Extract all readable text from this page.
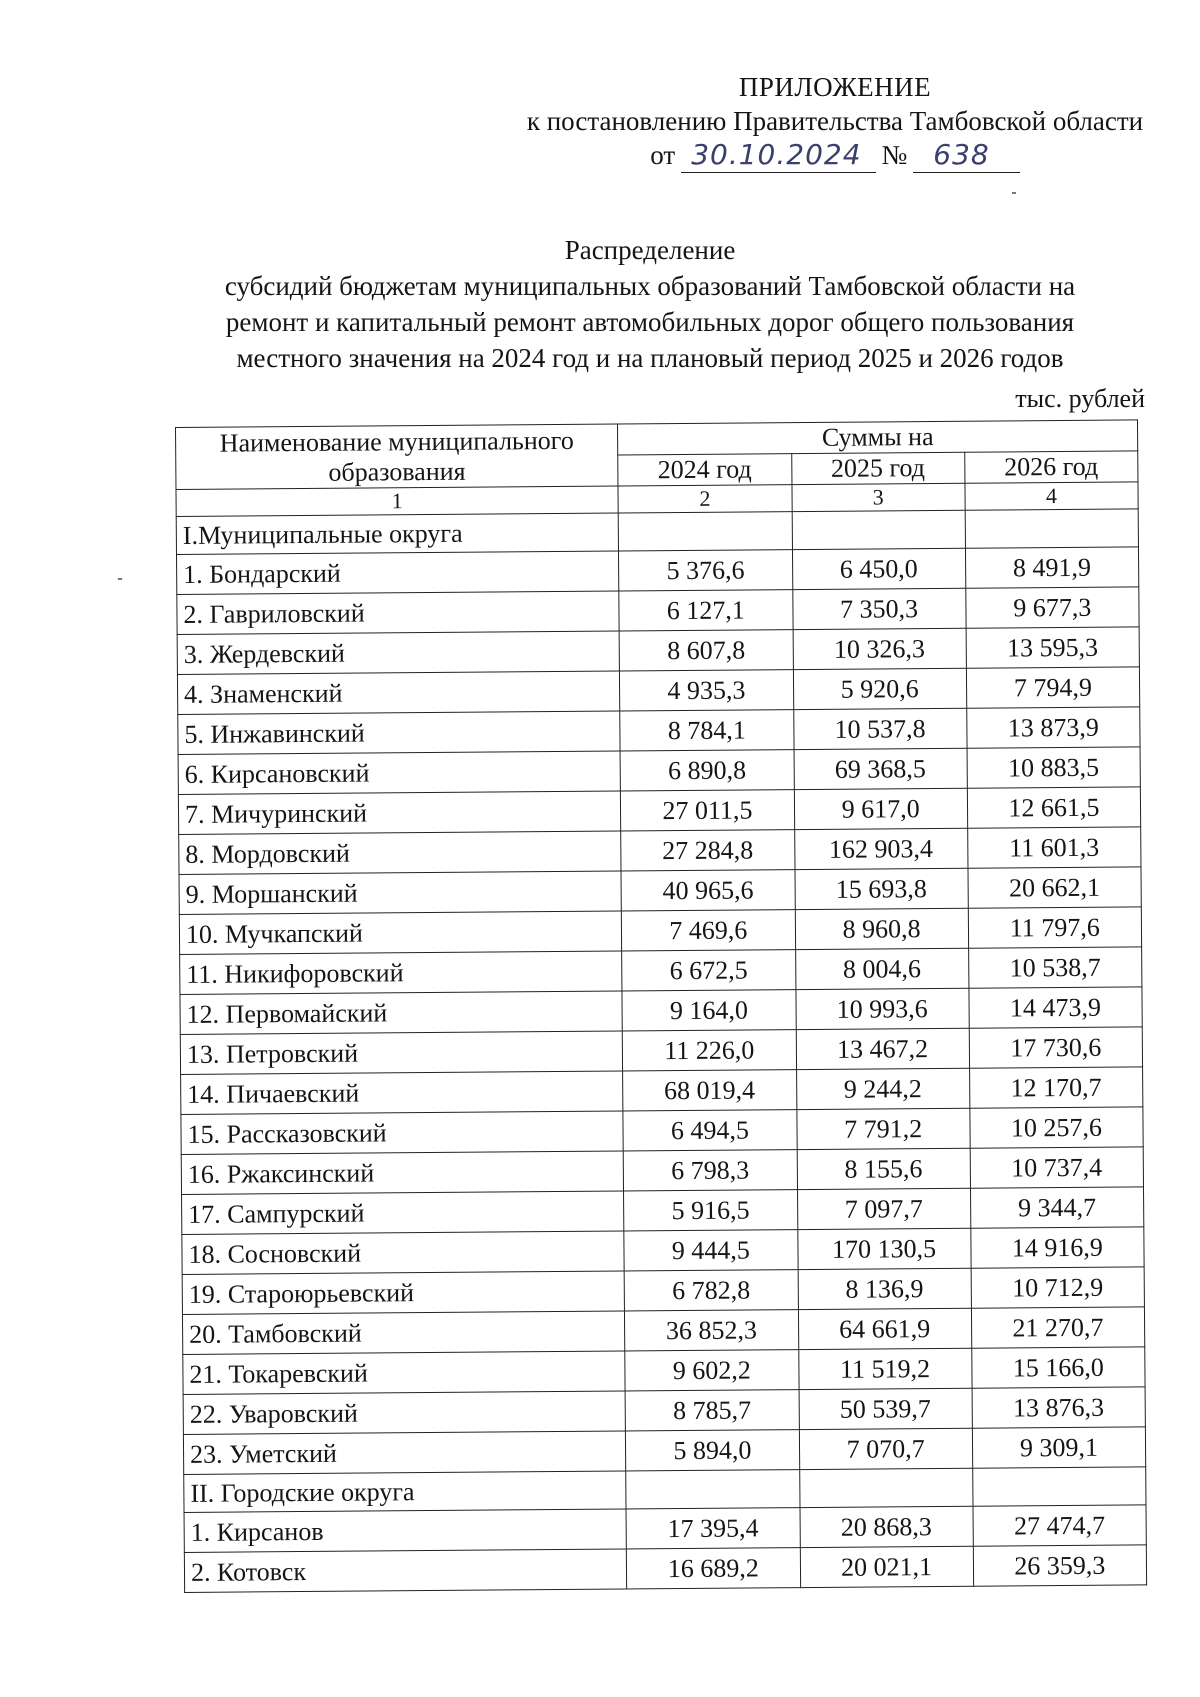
ПРИЛОЖЕНИЕ
к постановлению Правительства Тамбовской области
от 30.10.2024 № 638
Распределение
субсидий бюджетам муниципальных образований Тамбовской области на
ремонт и капитальный ремонт автомобильных дорог общего пользования
местного значения на 2024 год и на плановый период 2025 и 2026 годов
тыс. рублей
Наименование муниципального образования	Суммы на		
	2024 год	2025 год	2026 год
1	2	3	4
I.Муниципальные округа			
1. Бондарский	5 376,6	6 450,0	8 491,9
2. Гавриловский	6 127,1	7 350,3	9 677,3
3. Жердевский	8 607,8	10 326,3	13 595,3
4. Знаменский	4 935,3	5 920,6	7 794,9
5. Инжавинский	8 784,1	10 537,8	13 873,9
6. Кирсановский	6 890,8	69 368,5	10 883,5
7. Мичуринский	27 011,5	9 617,0	12 661,5
8. Мордовский	27 284,8	162 903,4	11 601,3
9. Моршанский	40 965,6	15 693,8	20 662,1
10. Мучкапский	7 469,6	8 960,8	11 797,6
11. Никифоровский	6 672,5	8 004,6	10 538,7
12. Первомайский	9 164,0	10 993,6	14 473,9
13. Петровский	11 226,0	13 467,2	17 730,6
14. Пичаевский	68 019,4	9 244,2	12 170,7
15. Рассказовский	6 494,5	7 791,2	10 257,6
16. Ржаксинский	6 798,3	8 155,6	10 737,4
17. Сампурский	5 916,5	7 097,7	9 344,7
18. Сосновский	9 444,5	170 130,5	14 916,9
19. Староюрьевский	6 782,8	8 136,9	10 712,9
20. Тамбовский	36 852,3	64 661,9	21 270,7
21. Токаревский	9 602,2	11 519,2	15 166,0
22. Уваровский	8 785,7	50 539,7	13 876,3
23. Уметский	5 894,0	7 070,7	9 309,1
II. Городские округа			
1. Кирсанов	17 395,4	20 868,3	27 474,7
2. Котовск	16 689,2	20 021,1	26 359,3
